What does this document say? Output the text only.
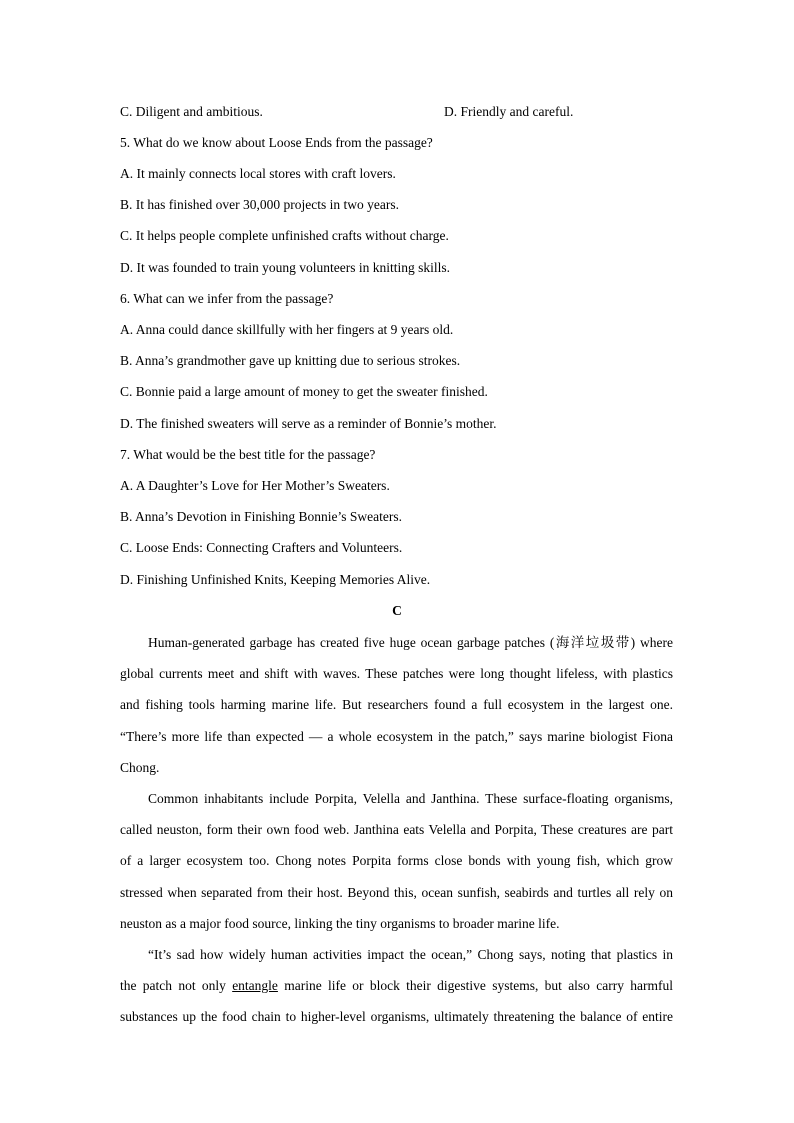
C. Diligent and ambitious.	D. Friendly and careful.
5. What do we know about Loose Ends from the passage?
A. It mainly connects local stores with craft lovers.
B. It has finished over 30,000 projects in two years.
C. It helps people complete unfinished crafts without charge.
D. It was founded to train young volunteers in knitting skills.
6. What can we infer from the passage?
A. Anna could dance skillfully with her fingers at 9 years old.
B. Anna’s grandmother gave up knitting due to serious strokes.
C. Bonnie paid a large amount of money to get the sweater finished.
D. The finished sweaters will serve as a reminder of Bonnie’s mother.
7. What would be the best title for the passage?
A. A Daughter’s Love for Her Mother’s Sweaters.
B. Anna’s Devotion in Finishing Bonnie’s Sweaters.
C. Loose Ends: Connecting Crafters and Volunteers.
D. Finishing Unfinished Knits, Keeping Memories Alive.
C
Human-generated garbage has created five huge ocean garbage patches (海洋垃圾带) where
global currents meet and shift with waves. These patches were long thought lifeless, with plastics
and fishing tools harming marine life. But researchers found a full ecosystem in the largest one.
“There’s more life than expected — a whole ecosystem in the patch,” says marine biologist Fiona
Chong.
Common inhabitants include Porpita, Velella and Janthina. These surface-floating organisms,
called neuston, form their own food web. Janthina eats Velella and Porpita, These creatures are part
of a larger ecosystem too. Chong notes Porpita forms close bonds with young fish, which grow
stressed when separated from their host. Beyond this, ocean sunfish, seabirds and turtles all rely on
neuston as a major food source, linking the tiny organisms to broader marine life.
“It’s sad how widely human activities impact the ocean,” Chong says, noting that plastics in
the patch not only entangle marine life or block their digestive systems, but also carry harmful
substances up the food chain to higher-level organisms, ultimately threatening the balance of entire
